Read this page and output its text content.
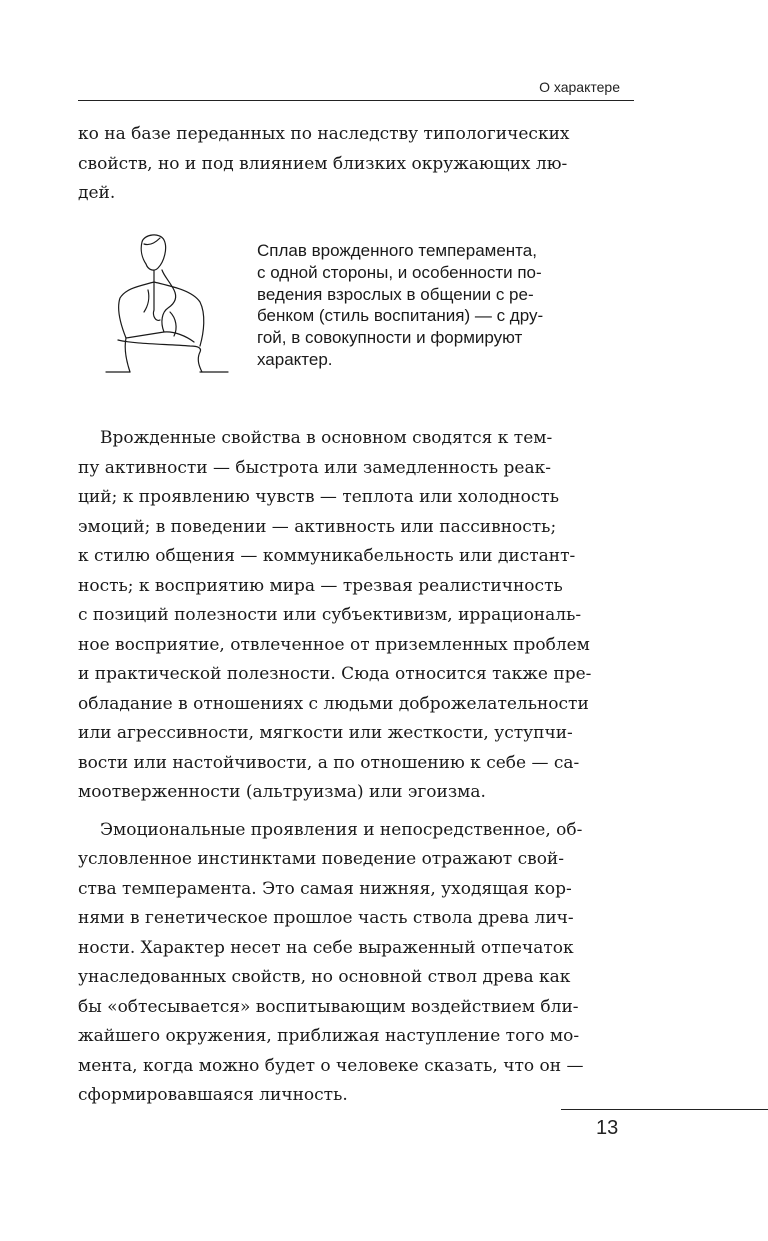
О характере

ко на базе переданных по наследству типологических
свойств, но и под влиянием близких окружающих лю-
дей.

Сплав врожденного темперамента,
с одной стороны, и особенности по-
ведения взрослых в общении с ре-
бенком (стиль воспитания) — с дру-
гой, в совокупности и формируют
характер.

Врожденные свойства в основном сводятся к тем-
пу активности — быстрота или замедленность реак-
ций; к проявлению чувств — теплота или холодность
эмоций; в поведении — активность или пассивность;
к стилю общения — коммуникабельность или дистант-
ность; к восприятию мира — трезвая реалистичность
с позиций полезности или субъективизм, иррациональ-
ное восприятие, отвлеченное от приземленных проблем
и практической полезности. Сюда относится также пре-
обладание в отношениях с людьми доброжелательности
или агрессивности, мягкости или жесткости, уступчи-
вости или настойчивости, а по отношению к себе — са-
моотверженности (альтруизма) или эгоизма.
Эмоциональные проявления и непосредственное, об-
условленное инстинктами поведение отражают свой-
ства темперамента. Это самая нижняя, уходящая кор-
нями в генетическое прошлое часть ствола древа лич-
ности. Характер несет на себе выраженный отпечаток
унаследованных свойств, но основной ствол древа как
бы «обтесывается» воспитывающим воздействием бли-
жайшего окружения, приближая наступление того мо-
мента, когда можно будет о человеке сказать, что он —
сформировавшаяся личность.
13
